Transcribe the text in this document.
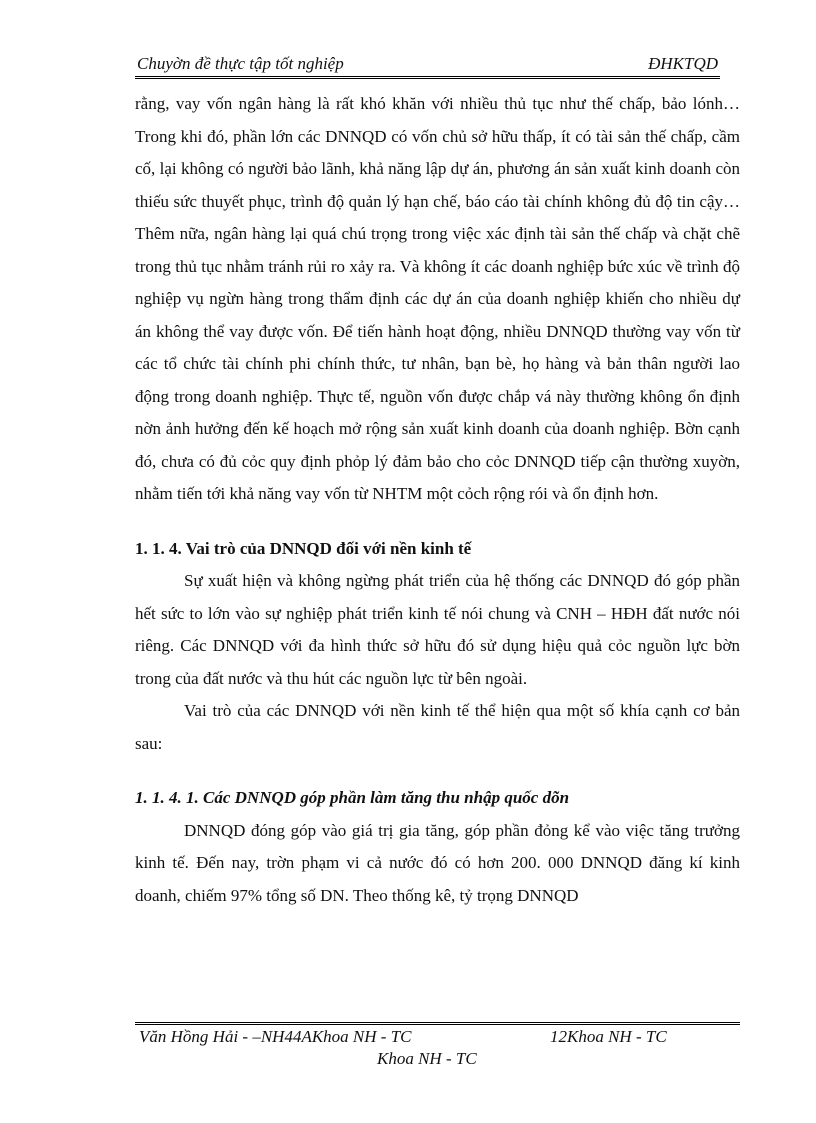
Chuyờn đề thực tập tốt nghiệp	ĐHKTQD

rằng, vay vốn ngân hàng là rất khó khăn với nhiều thủ tục như thế chấp, bảo lónh… Trong khi đó, phần lớn các DNNQD có vốn chủ sở hữu thấp, ít có tài sản thế chấp, cầm cố, lại không có người bảo lãnh, khả năng lập dự án, phương án sản xuất kinh doanh còn thiếu sức thuyết phục, trình độ quản lý hạn chế, báo cáo tài chính không đủ độ tin cậy… Thêm nữa, ngân hàng lại quá chú trọng trong việc xác định tài sản thế chấp và chặt chẽ trong thủ tục nhằm tránh rủi ro xảy ra. Và không ít các doanh nghiệp bức xúc về trình độ nghiệp vụ ngừn hàng trong thẩm định các dự án của doanh nghiệp khiến cho nhiều dự án không thể vay được vốn. Để tiến hành hoạt động, nhiều DNNQD thường vay vốn từ các tổ chức tài chính phi chính thức, tư nhân, bạn bè, họ hàng và bản thân người lao động trong doanh nghiệp. Thực tế, nguồn vốn được chắp vá này thường không ổn định nờn ảnh hưởng đến kế hoạch mở rộng sản xuất kinh doanh của doanh nghiệp. Bờn cạnh đó, chưa có đủ cỏc quy định phỏp lý đảm bảo cho cỏc DNNQD tiếp cận thường xuyờn, nhằm tiến tới khả năng vay vốn từ NHTM một cỏch rộng rói và ổn định hơn.

1. 1. 4. Vai trò của DNNQD đối với nền kinh tế

Sự xuất hiện và không ngừng phát triển của hệ thống các DNNQD đó góp phần hết sức to lớn vào sự nghiệp phát triển kinh tế nói chung và CNH – HĐH đất nước nói riêng. Các DNNQD với đa hình thức sở hữu đó sử dụng hiệu quả cỏc nguồn lực bờn trong của đất nước và thu hút các nguồn lực từ bên ngoài.

Vai trò của các DNNQD với nền kinh tế thể hiện qua một số khía cạnh cơ bản sau:

1. 1. 4. 1. Các DNNQD góp phần làm tăng thu nhập quốc dõn

DNNQD đóng góp vào giá trị gia tăng, góp phần đỏng kể vào việc tăng trưởng kinh tế. Đến nay, trờn phạm vi cả nước đó có hơn 200. 000 DNNQD đăng kí kinh doanh, chiếm 97% tổng số DN. Theo thống kê, tỷ trọng DNNQD

Văn Hồng Hải - –NH44AKhoa NH - TC	12Khoa NH - TC
Khoa NH - TC
